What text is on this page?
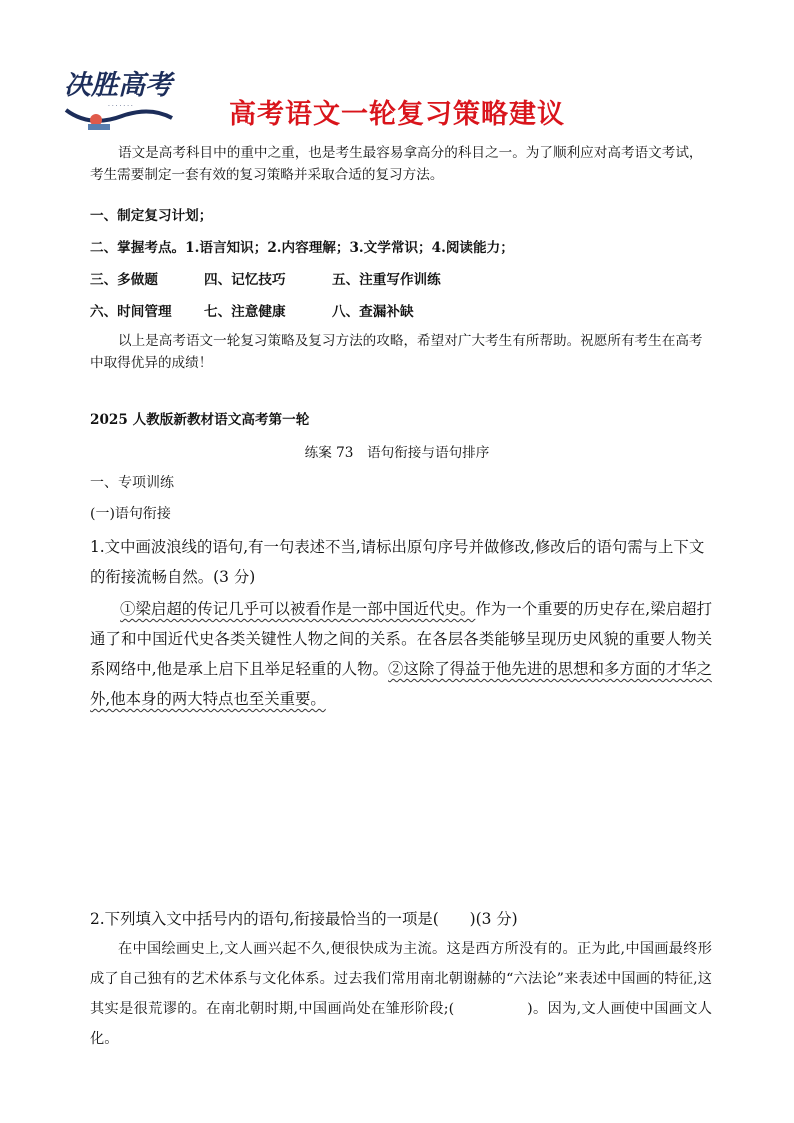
决胜高考
· · · · · · ·	高考语文一轮复习策略建议

语文是高考科目中的重中之重，也是考生最容易拿高分的科目之一。为了顺利应对高考语文考试，考生需要制定一套有效的复习策略并采取合适的复习方法。

一、制定复习计划；

二、掌握考点。1.语言知识；2.内容理解；3.文学常识；4.阅读能力；

三、多做题	四、记忆技巧	五、注重写作训练

六、时间管理 七、注意健康	八、查漏补缺

以上是高考语文一轮复习策略及复习方法的攻略，希望对广大考生有所帮助。祝愿所有考生在高考中取得优异的成绩！

2025 人教版新教材语文高考第一轮

练案 73　语句衔接与语句排序

一、专项训练

(一)语句衔接

1.文中画波浪线的语句,有一句表述不当,请标出原句序号并做修改,修改后的语句需与上下文的衔接流畅自然。(3 分)

①梁启超的传记几乎可以被看作是一部中国近代史。作为一个重要的历史存在,梁启超打通了和中国近代史各类关键性人物之间的关系。在各层各类能够呈现历史风貌的重要人物关系网络中,他是承上启下且举足轻重的人物。②这除了得益于他先进的思想和多方面的才华之外,他本身的两大特点也至关重要。

2.下列填入文中括号内的语句,衔接最恰当的一项是(　　)(3 分)

在中国绘画史上,文人画兴起不久,便很快成为主流。这是西方所没有的。正为此,中国画最终形成了自己独有的艺术体系与文化体系。过去我们常用南北朝谢赫的“六法论”来表述中国画的特征,这其实是很荒谬的。在南北朝时期,中国画尚处在雏形阶段;(　　　　　)。因为,文人画使中国画文人化。
